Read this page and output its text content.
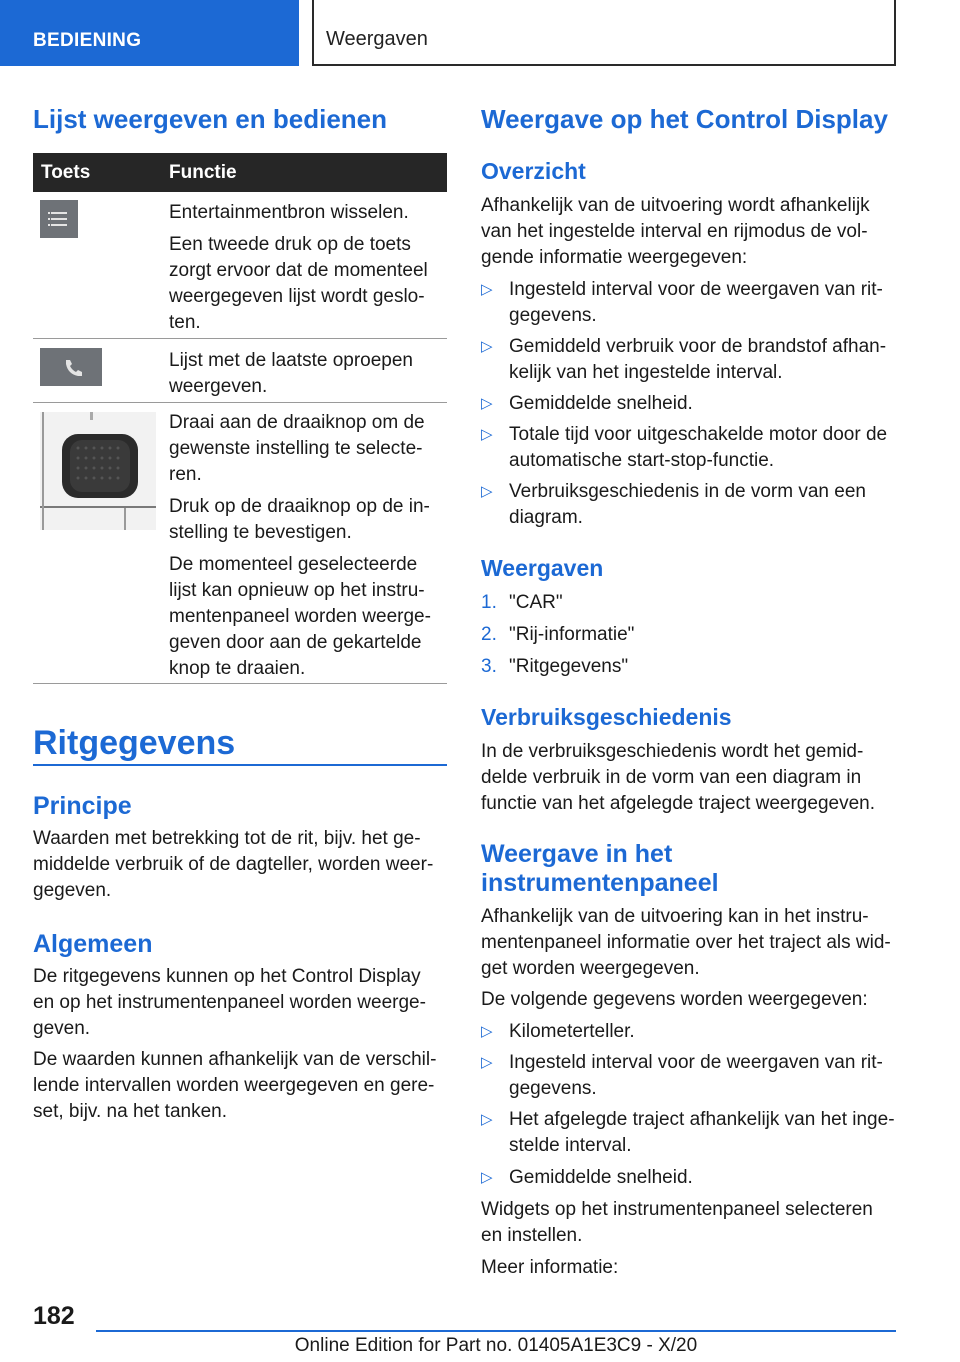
BEDIENING	Weergaven
Lijst weergeven en bedienen
Toets	Functie

Entertainmentbron wisselen.

Een tweede druk op de toets zorgt ervoor dat de momenteel weergegeven lijst wordt geslo‐ten.

Lijst met de laatste oproepen weergeven.

Draai aan de draaiknop om de gewenste instelling te selecte‐ren.

Druk op de draaiknop op de in‐stelling te bevestigen.

De momenteel geselecteerde lijst kan opnieuw op het instru‐mentenpaneel worden weerge‐geven door aan de gekartelde knop te draaien.

Ritgegevens
Principe
Waarden met betrekking tot de rit, bijv. het ge‐middelde verbruik of de dagteller, worden weer‐gegeven.
Algemeen
De ritgegevens kunnen op het Control Display en op het instrumentenpaneel worden weerge‐geven.
De waarden kunnen afhankelijk van de verschil‐lende intervallen worden weergegeven en gere‐set, bijv. na het tanken.
Weergave op het Control Display
Overzicht
Afhankelijk van de uitvoering wordt afhankelijk van het ingestelde interval en rijmodus de vol‐gende informatie weergegeven:
▷ Ingesteld interval voor de weergaven van rit‐gegevens.
▷ Gemiddeld verbruik voor de brandstof afhan‐kelijk van het ingestelde interval.
▷ Gemiddelde snelheid.
▷ Totale tijd voor uitgeschakelde motor door de automatische start-stop-functie.
▷ Verbruiksgeschiedenis in de vorm van een diagram.
Weergaven
1. "CAR"
2. "Rij-informatie"
3. "Ritgegevens"
Verbruiksgeschiedenis
In de verbruiksgeschiedenis wordt het gemid‐delde verbruik in de vorm van een diagram in functie van het afgelegde traject weergegeven.
Weergave in het instrumentenpaneel
Afhankelijk van de uitvoering kan in het instru‐mentenpaneel informatie over het traject als wid‐get worden weergegeven.
De volgende gegevens worden weergegeven:
▷ Kilometerteller.
▷ Ingesteld interval voor de weergaven van rit‐gegevens.
▷ Het afgelegde traject afhankelijk van het inge‐stelde interval.
▷ Gemiddelde snelheid.
Widgets op het instrumentenpaneel selecteren en instellen.
Meer informatie:
182
Online Edition for Part no. 01405A1E3C9 - X/20
